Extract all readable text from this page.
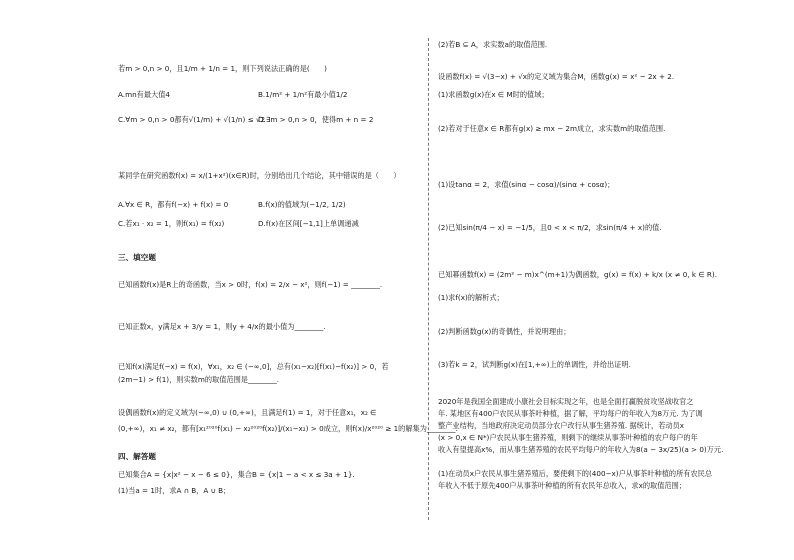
若m > 0,n > 0，且1/m + 1/n = 1，则下列说法正确的是(　　)
A.mn有最大值4	B.1/m² + 1/n²有最小值1/2
C.∀m > 0,n > 0都有√(1/m) + √(1/n) ≤ √2
D.∃m > 0,n > 0，使得m + n = 2
某同学在研究函数f(x) = x/(1+x²)(x∈R)时，分别给出几个结论，其中错误的是（　　）
A.∀x ∈ R，都有f(−x) + f(x) = 0	B.f(x)的值域为(−1/2, 1/2)
C.若x₁ · x₂ = 1，则f(x₁) = f(x₂)	D.f(x)在区间[−1,1]上单调递减
三、填空题
已知函数f(x)是R上的奇函数，当x > 0时，f(x) = 2/x − x²，则f(−1) = ________.
已知正数x，y满足x + 3/y = 1，则y + 4/x的最小值为________.
已知f(x)满足f(−x) = f(x)，∀x₁，x₂ ∈ (−∞,0]，总有(x₁−x₂)[f(x₁)−f(x₂)] > 0，若
(2m−1) > f(1)，则实数m的取值范围是________.
设偶函数f(x)的定义域为(−∞,0) ∪ (0,+∞)，且满足f(1) = 1，对于任意x₁，x₂ ∈
(0,+∞)，x₁ ≠ x₂，都有[x₁²⁰²⁰f(x₁) − x₂²⁰²⁰f(x₂)]/(x₁−x₂) > 0成立，则f(x)/x²⁰²⁰ ≥ 1的解集为________.
四、解答题
已知集合A = {x|x² − x − 6 ≤ 0}，集合B = {x|1 − a < x ≤ 3a + 1}.
(1)当a = 1时，求A ∩ B，A ∪ B；
(2)若B ⊆ A，求实数a的取值范围.
设函数f(x) = √(3−x) + √x的定义域为集合M，函数g(x) = x² − 2x + 2.
(1)求函数g(x)在x ∈ M时的值域；
(2)若对于任意x ∈ R都有g(x) ≥ mx − 2m成立，求实数m的取值范围.
(1)设tanα = 2，求值(sinα − cosα)/(sinα + cosα)；
(2)已知sin(π/4 − x) = −1/5，且0 < x < π/2，求sin(π/4 + x)的值.
已知幂函数f(x) = (2m² − m)x^(m+1)为偶函数，g(x) = f(x) + k/x (x ≠ 0, k ∈ R).
(1)求f(x)的解析式；
(2)判断函数g(x)的奇偶性，并说明理由；
(3)若k = 2，试判断g(x)在[1,+∞)上的单调性，并给出证明.
2020年是我国全面建成小康社会目标实现之年，也是全面打赢脱贫攻坚战收官之
年. 某地区有400户农民从事茶叶种植，据了解，平均每户的年收入为8万元. 为了调
整产业结构，当地政府决定动员部分农户改行从事生猪养殖. 据统计，若动员x
(x > 0,x ∈ N*)户农民从事生猪养殖，则剩下的继续从事茶叶种植的农户每户的年
收入有望提高x%，而从事生猪养殖的农民平均每户的年收入为8(a − 3x/25)(a > 0)万元.
(1)在动员x户农民从事生猪养殖后，要使剩下的(400−x)户从事茶叶种植的所有农民总
年收入不低于原先400户从事茶叶种植的所有农民年总收入，求x的取值范围；
